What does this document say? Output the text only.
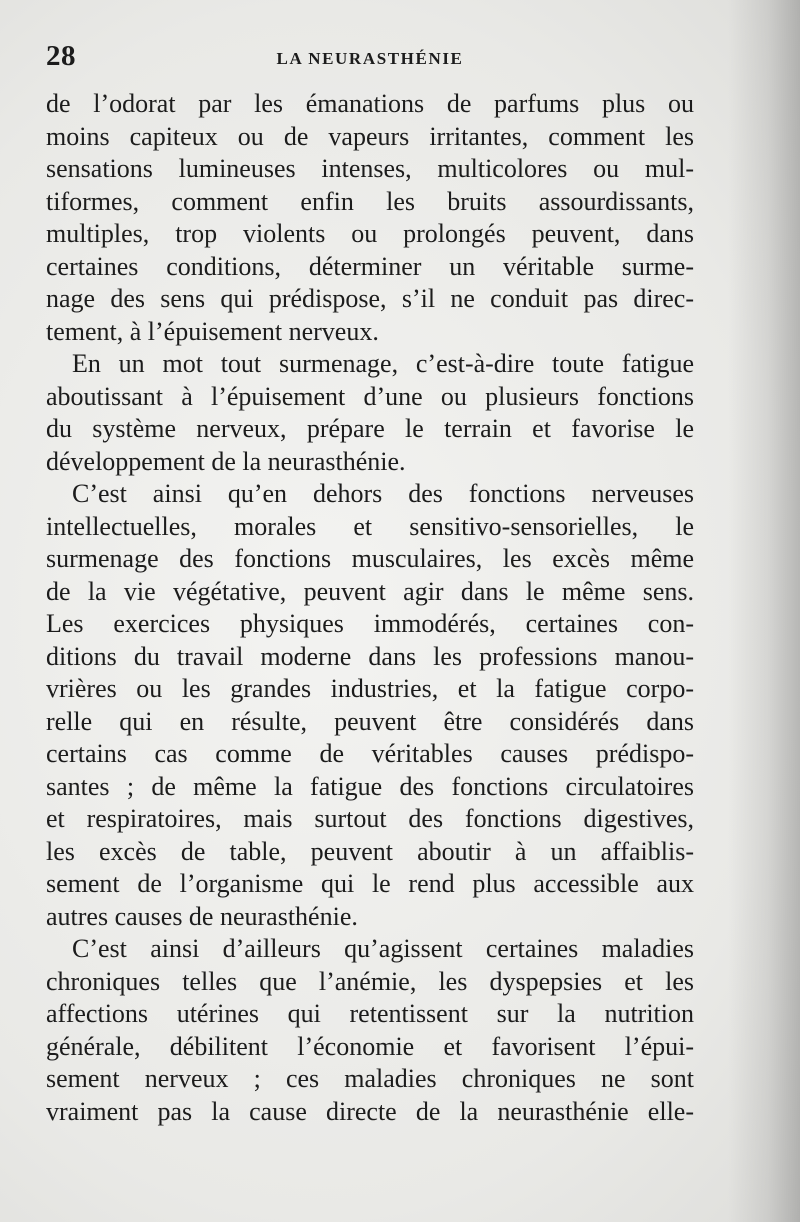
28	LA NEURASTHÉNIE
de l’odorat par les émanations de parfums plus ou
moins capiteux ou de vapeurs irritantes, comment les
sensations lumineuses intenses, multicolores ou mul-
tiformes, comment enfin les bruits assourdissants,
multiples, trop violents ou prolongés peuvent, dans
certaines conditions, déterminer un véritable surme-
nage des sens qui prédispose, s’il ne conduit pas direc-
tement, à l’épuisement nerveux.
En un mot tout surmenage, c’est-à-dire toute fatigue
aboutissant à l’épuisement d’une ou plusieurs fonctions
du système nerveux, prépare le terrain et favorise le
développement de la neurasthénie.
C’est ainsi qu’en dehors des fonctions nerveuses
intellectuelles, morales et sensitivo-sensorielles, le
surmenage des fonctions musculaires, les excès même
de la vie végétative, peuvent agir dans le même sens.
Les exercices physiques immodérés, certaines con-
ditions du travail moderne dans les professions manou-
vrières ou les grandes industries, et la fatigue corpo-
relle qui en résulte, peuvent être considérés dans
certains cas comme de véritables causes prédispo-
santes ; de même la fatigue des fonctions circulatoires
et respiratoires, mais surtout des fonctions digestives,
les excès de table, peuvent aboutir à un affaiblis-
sement de l’organisme qui le rend plus accessible aux
autres causes de neurasthénie.
C’est ainsi d’ailleurs qu’agissent certaines maladies
chroniques telles que l’anémie, les dyspepsies et les
affections utérines qui retentissent sur la nutrition
générale, débilitent l’économie et favorisent l’épui-
sement nerveux ; ces maladies chroniques ne sont
vraiment pas la cause directe de la neurasthénie elle-
